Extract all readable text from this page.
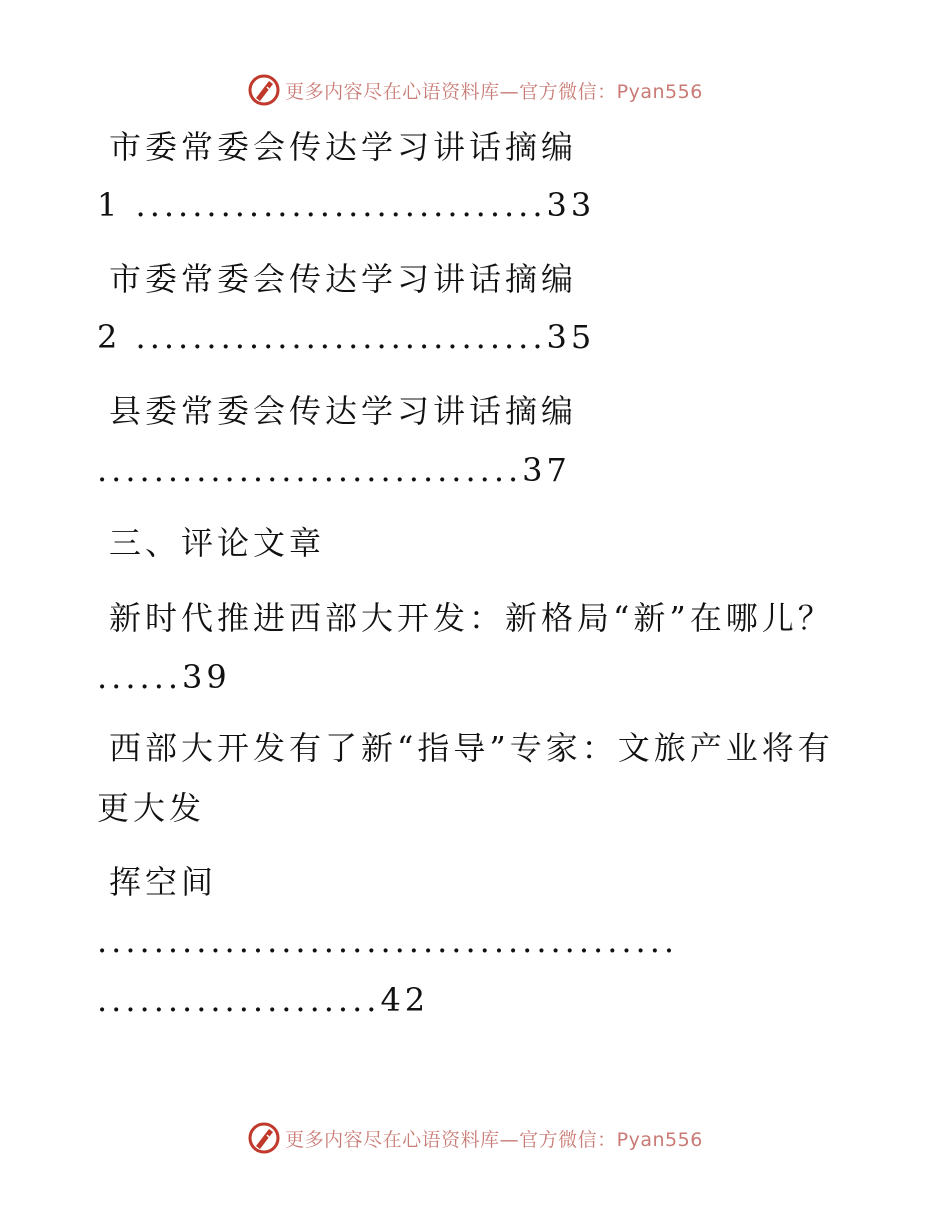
更多内容尽在心语资料库—官方微信：Pyan556
市委常委会传达学习讲话摘编
1 .............................33
市委常委会传达学习讲话摘编
2 .............................35
县委常委会传达学习讲话摘编
..............................37
三、评论文章
新时代推进西部大开发：新格局“新”在哪儿？
......39
西部大开发有了新“指导”专家：文旅产业将有
更大发
挥空间
.........................................
....................42
更多内容尽在心语资料库—官方微信：Pyan556
